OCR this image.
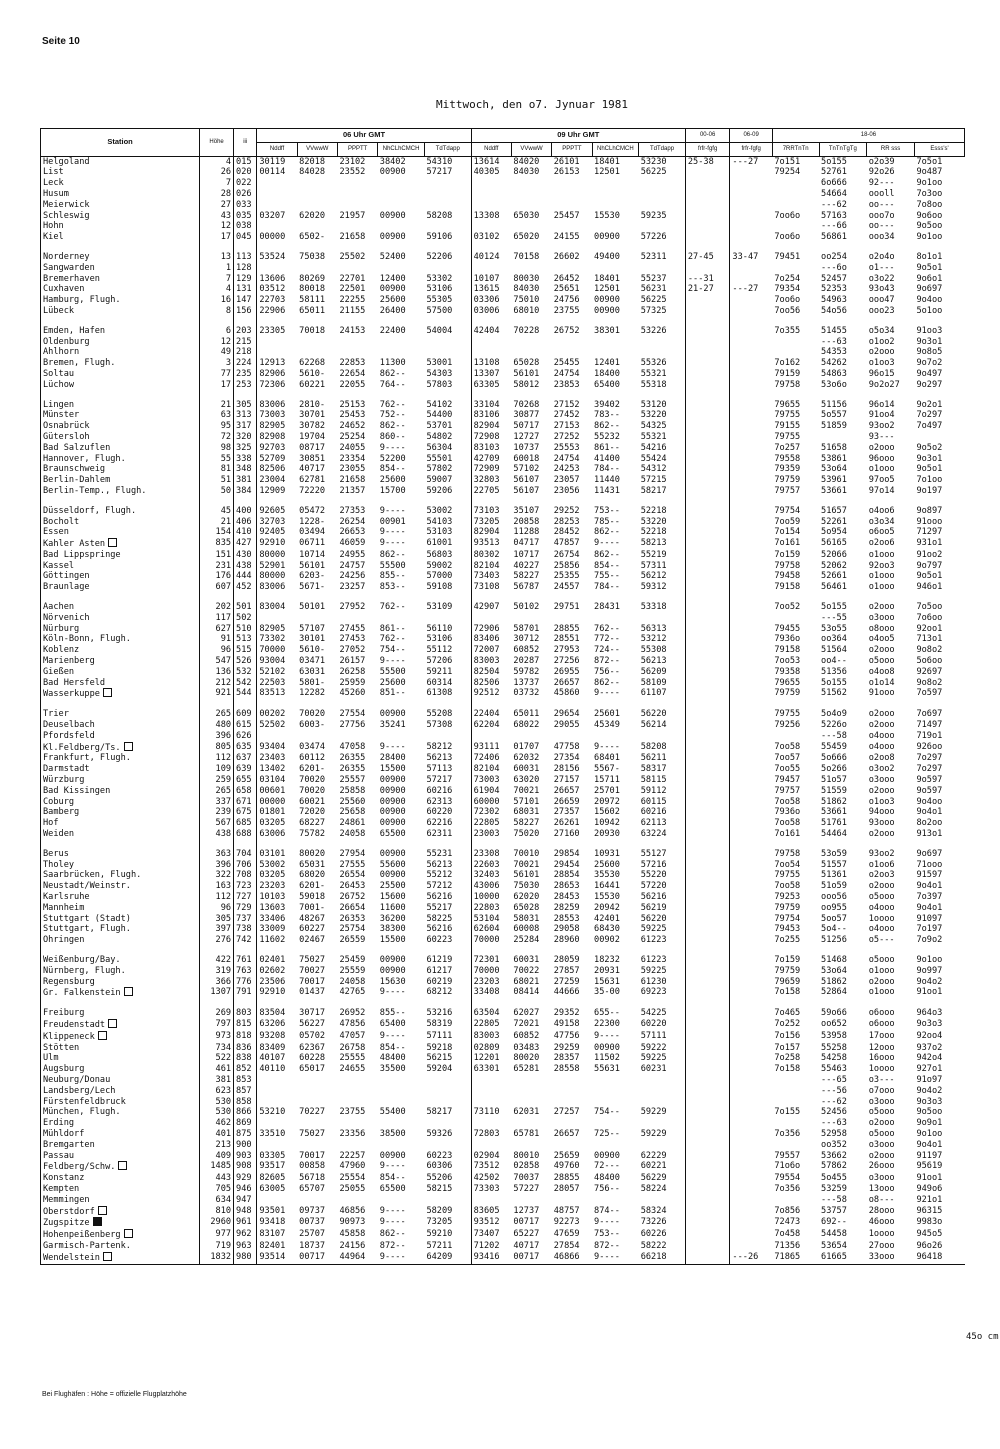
Seite 10
Mittwoch, den o7. Jynuar 1981
Station	Höhe	iii	06 Uhr GMT					09 Uhr GMT					00-06	06-09	18-06			
			Nddff	VVwwW	PPPTT	NhCLhCMCH	TdTdapp	Nddff	VVwwW	PPPTT	NhCLhCMCH	TdTdapp	frfr-fgfg	frfr-fgfg	7RRTnTn	TnTnTgTg	RR sss	Esss's'
Helgoland	4	015	30119	82018	23102	38402	54310	13614	84020	26101	18401	53230	25-38	---27	7o151	5o155	o2o39	7o5o1
List	26	020	00114	84028	23552	00900	57217	40305	84030	26153	12501	56225			79254	52761	92o26	9o487
Leck	7	022														6o666	92---	9o1oo
Husum	28	026														54664	oooll	7o3oo
Meierwick	27	033														---62	oo---	7o8oo
Schleswig	43	035	03207	62020	21957	00900	58208	13308	65030	25457	15530	59235			7oo6o	57163	ooo7o	9o6oo
Hohn	12	038														---66	oo---	9o5oo
Kiel	17	045	00000	6502-	21658	00900	59106	03102	65020	24155	00900	57226			7oo6o	56861	ooo34	9o1oo

Norderney	13	113	53524	75038	25502	52400	52206	40124	70158	26602	49400	52311	27-45	33-47	79451	oo254	o2o4o	8o1o1
Sangwarden	1	128														---6o	o1---	9o5o1
Bremerhaven	7	129	13606	80269	22701	12400	53302	10107	80030	26452	18401	55237	---31		7o254	52457	o3o22	9o6o1
Cuxhaven	4	131	03512	80018	22501	00900	53106	13615	84030	25651	12501	56231	21-27	---27	79354	52353	93o43	9o697
Hamburg, Flugh.	16	147	22703	58111	22255	25600	55305	03306	75010	24756	00900	56225			7oo6o	54963	ooo47	9o4oo
Lübeck	8	156	22906	65011	21155	26400	57500	03006	68010	23755	00900	57325			7oo56	54o56	ooo23	5o1oo

Emden, Hafen	6	203	23305	70018	24153	22400	54004	42404	70228	26752	38301	53226			7o355	51455	o5o34	91oo3
Oldenburg	12	215														---63	o1oo2	9o3o1
Ahlhorn	49	218														54353	o2ooo	9o8o5
Bremen, Flugh.	3	224	12913	62268	22853	11300	53001	13108	65028	25455	12401	55326			7o162	54262	o1oo3	9o7o2
Soltau	77	235	82906	5610-	22654	862--	54303	13307	56101	24754	18400	55321			79159	54863	96o15	9o497
Lüchow	17	253	72306	60221	22055	764--	57803	63305	58012	23853	65400	55318			79758	53o6o	9o2o27	9o297

Lingen	21	305	83006	2810-	25153	762--	54102	33104	70268	27152	39402	53120			79655	51156	96o14	9o2o1
Münster	63	313	73003	30701	25453	752--	54400	83106	30877	27452	783--	53220			79755	5o557	91oo4	7o297
Osnabrück	95	317	82905	30782	24652	862--	53701	82904	50717	27153	862--	54325			79155	51859	93oo2	7o497
Gütersloh	72	320	82908	19704	25254	860--	54802	72908	12727	27252	55232	55321			79755		93---	
Bad Salzuflen	98	325	92703	08717	24055	9----	56304	83103	10737	25553	861--	54216			7o257	51658	o2ooo	9o5o2
Hannover, Flugh.	55	338	52709	30851	23354	52200	55501	42709	60018	24754	41400	55424			79558	53861	96ooo	9o3o1
Braunschweig	81	348	82506	40717	23055	854--	57802	72909	57102	24253	784--	54312			79359	53o64	o1ooo	9o5o1
Berlin-Dahlem	51	381	23004	62781	21658	25600	59007	32803	56107	23057	11440	57215			79759	53961	97oo5	7o1oo
Berlin-Temp., Flugh.	50	384	12909	72220	21357	15700	59206	22705	56107	23056	11431	58217			79757	53661	97o14	9o197

Düsseldorf, Flugh.	45	400	92605	05472	27353	9----	53002	73103	35107	29252	753--	52218			79754	51657	o4oo6	9o897
Bocholt	21	406	32703	1228-	26254	00901	54103	73205	20858	28253	785--	53220			7oo59	52261	o3o34	91ooo
Essen	154	410	92405	03494	26653	9----	53103	82904	11288	28452	862--	52218			7o154	5o954	o6oo5	71297
Kahler Asten	835	427	92910	06711	46059	9----	61001	93513	04717	47857	9----	58213			7o161	56165	o2oo6	931o1
Bad Lippspringe	151	430	80000	10714	24955	862--	56803	80302	10717	26754	862--	55219			7o159	52066	o1ooo	91oo2
Kassel	231	438	52901	56101	24757	55500	59002	82104	40227	25856	854--	57311			79758	52062	92oo3	9o797
Göttingen	176	444	80000	6203-	24256	855--	57000	73403	58227	25355	755--	56212			79458	52661	o1ooo	9o5o1
Braunlage	607	452	83006	5671-	23257	853--	59108	73108	56787	24557	784--	59312			79158	56461	o1ooo	946o1

Aachen	202	501	83004	50101	27952	762--	53109	42907	50102	29751	28431	53318			7oo52	5o155	o2ooo	7o5oo
Nörvenich	117	502														---55	o3ooo	7o6oo
Nürburg	627	510	82905	57107	27455	861--	56110	72906	58701	28855	762--	56313			79455	53o55	o8ooo	92oo1
Köln-Bonn, Flugh.	91	513	73302	30101	27453	762--	53106	83406	30712	28551	772--	53212			7936o	oo364	o4oo5	713o1
Koblenz	96	515	70000	5610-	27052	754--	55112	72007	60852	27953	724--	55308			79158	51564	o2ooo	9o8o2
Marienberg	547	526	93004	03471	26157	9----	57206	83003	20287	27256	872--	56213			7oo53	oo4--	o5ooo	5o6oo
Gießen	136	532	52102	63031	26258	55500	59211	82504	59782	26955	756--	56209			79358	51356	o4oo8	92697
Bad Hersfeld	212	542	22503	5801-	25959	25600	60314	82506	13737	26657	862--	58109			79655	5o155	o1o14	9o8o2
Wasserkuppe	921	544	83513	12282	45260	851--	61308	92512	03732	45860	9----	61107			79759	51562	91ooo	7o597

Trier	265	609	00202	70020	27554	00900	55208	22404	65011	29654	25601	56220			79755	5o4o9	o2ooo	7o697
Deuselbach	480	615	52502	6003-	27756	35241	57308	62204	68022	29055	45349	56214			79256	5226o	o2ooo	71497
Pfordsfeld	396	626														---58	o4ooo	719o1
Kl.Feldberg/Ts.	805	635	93404	03474	47058	9----	58212	93111	01707	47758	9----	58208			7oo58	55459	o4ooo	926oo
Frankfurt, Flugh.	112	637	23403	60112	26355	28400	56213	72406	62032	27354	68401	56211			7oo57	5o666	o2oo8	7o297
Darmstadt	109	639	13402	6201-	26355	15500	57113	82104	60031	28156	5567-	58317			7oo55	5o266	o3oo2	7o297
Würzburg	259	655	03104	70020	25557	00900	57217	73003	63020	27157	15711	58115			79457	51o57	o3ooo	9o597
Bad Kissingen	265	658	00601	70020	25858	00900	60216	61904	70021	26657	25701	59112			79757	51559	o2ooo	9o597
Coburg	337	671	00000	60021	25560	00900	62313	60000	57101	26659	20972	60115			7oo58	51862	o1oo3	9o4oo
Bamberg	239	675	01801	72020	25658	00900	60220	72302	68031	27357	15602	60216			7936o	53661	94ooo	9o4o1
Hof	567	685	03205	68227	24861	00900	62216	22805	58227	26261	10942	62113			7oo58	51761	93ooo	8o2oo
Weiden	438	688	63006	75782	24058	65500	62311	23003	75020	27160	20930	63224			7o161	54464	o2ooo	913o1

Berus	363	704	03101	80020	27954	00900	55231	23308	70010	29854	10931	55127			79758	53o59	93oo2	9o697
Tholey	396	706	53002	65031	27555	55600	56213	22603	70021	29454	25600	57216			7oo54	51557	o1oo6	71ooo
Saarbrücken, Flugh.	322	708	03205	68020	26554	00900	55212	32403	56101	28854	35530	55220			79755	51361	o2oo3	91597
Neustadt/Weinstr.	163	723	23203	6201-	26453	25500	57212	43006	75030	28653	16441	57220			7oo58	51o59	o2ooo	9o4o1
Karlsruhe	112	727	10103	59018	26752	15600	56216	10000	62020	28453	15530	56216			79253	ooo56	o5ooo	7o397
Mannheim	96	729	13603	7001-	26654	11600	55217	22803	65028	28259	20942	56219			79759	oo955	o4ooo	9o4o1
Stuttgart (Stadt)	305	737	33406	48267	26353	36200	58225	53104	58031	28553	42401	56220			79754	5oo57	1oooo	91097
Stuttgart, Flugh.	397	738	33009	60227	25754	38300	56216	62604	60008	29058	68430	59225			79453	5o4--	o4ooo	7o197
Öhringen	276	742	11602	02467	26559	15500	60223	70000	25284	28960	00902	61223			7o255	51256	o5---	7o9o2

Weißenburg/Bay.	422	761	02401	75027	25459	00900	61219	72301	60031	28059	18232	61223			7o159	51468	o5ooo	9o1oo
Nürnberg, Flugh.	319	763	02602	70027	25559	00900	61217	70000	70022	27857	20931	59225			79759	53o64	o1ooo	9o997
Regensburg	366	776	23506	70017	24058	15630	60219	23203	68021	27259	15631	61230			79659	51862	o2ooo	9o4o2
Gr. Falkenstein	1307	791	92910	01437	42765	9----	68212	33408	08414	44666	35-00	69223			7o158	52864	o1ooo	91oo1

Freiburg	269	803	83504	30717	26952	855--	53216	63504	62027	29352	655--	54225			7o465	59o66	o6ooo	964o3
Freudenstadt	797	815	63206	56227	47856	65400	58319	22805	72021	49158	22300	60220			7o252	oo652	o6ooo	9o3o3
Klippeneck	973	818	93208	05702	47057	9----	57111	83003	60852	47756	9----	57111			7o156	53958	17ooo	92oo4
Stötten	734	836	83409	62367	26758	854--	59218	02809	03483	29259	00900	59222			7o157	55258	12ooo	937o2
Ulm	522	838	40107	60228	25555	48400	56215	12201	80020	28357	11502	59225			7o258	54258	16ooo	942o4
Augsburg	461	852	40110	65017	24655	35500	59204	63301	65281	28558	55631	60231			7o158	55463	1oooo	927o1
Neuburg/Donau	381	853														---65	o3---	91o97
Landsberg/Lech	623	857														---56	o7ooo	9o4o2
Fürstenfeldbruck	530	858														---62	o3ooo	9o3o3
München, Flugh.	530	866	53210	70227	23755	55400	58217	73110	62031	27257	754--	59229			7o155	52456	o5ooo	9o5oo
Erding	462	869														---63	o2ooo	9o9o1
Mühldorf	401	875	33510	75027	23356	38500	59326	72803	65781	26657	725--	59229			7o356	52958	o5ooo	9o1oo
Bremgarten	213	900														oo352	o3ooo	9o4o1
Passau	409	903	03305	70017	22257	00900	60223	02904	80010	25659	00900	62229			79557	53662	o2ooo	91197
Feldberg/Schw.	1485	908	93517	00858	47960	9----	60306	73512	02858	49760	72---	60221			71o6o	57862	26ooo	95619
Konstanz	443	929	82605	56718	25554	854--	55206	42502	70037	28855	48400	56229			79554	5o455	o3ooo	91oo1
Kempten	705	946	63005	65707	25055	65500	58215	73303	57227	28057	756--	58224			7o356	53259	13ooo	949o6
Memmingen	634	947														---58	o8---	921o1
Oberstdorf	810	948	93501	09737	46856	9----	58209	83605	12737	48757	874--	58324			7o856	53757	28ooo	96315
Zugspitze	2960	961	93418	00737	90973	9----	73205	93512	00717	92273	9----	73226			72473	692--	46ooo	9983o
Hohenpeißenberg	977	962	83107	25707	45858	862--	59210	73407	65227	47659	753--	60226			7o458	54458	1oooo	945o5
Garmisch-Partenk.	719	963	82401	18737	24156	872--	57211	71202	40717	27854	872--	58222			71356	53654	27ooo	96o26
Wendelstein	1832	980	93514	00717	44964	9----	64209	93416	00717	46866	9----	66218		---26	71865	61665	33ooo	96418
45o cm
Bei Flughäfen : Höhe = offizielle Flugplatzhöhe
